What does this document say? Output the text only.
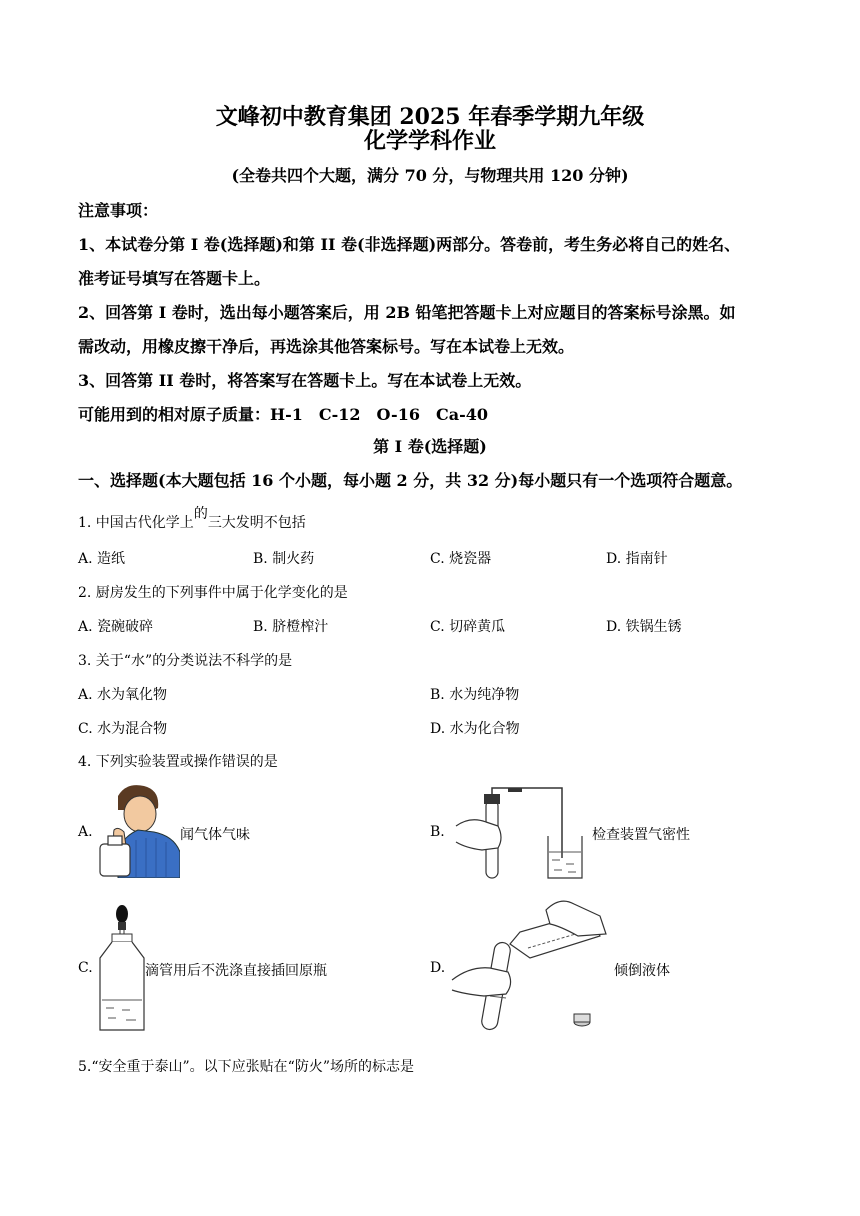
文峰初中教育集团 2025 年春季学期九年级
化学学科作业
(全卷共四个大题，满分 70 分，与物理共用 120 分钟)
注意事项：
1、本试卷分第 I 卷(选择题)和第 II 卷(非选择题)两部分。答卷前，考生务必将自己的姓名、
准考证号填写在答题卡上。
2、回答第 I 卷时，选出每小题答案后，用 2B 铅笔把答题卡上对应题目的答案标号涂黑。如
需改动，用橡皮擦干净后，再选涂其他答案标号。写在本试卷上无效。
3、回答第 II 卷时，将答案写在答题卡上。写在本试卷上无效。
可能用到的相对原子质量：H-1　C-12　O-16　Ca-40
第 I 卷(选择题)
一、选择题(本大题包括 16 个小题，每小题 2 分，共 32 分)每小题只有一个选项符合题意。
1. 中国古代化学上的三大发明不包括
A. 造纸	B. 制火药	C. 烧瓷器	D. 指南针
2. 厨房发生的下列事件中属于化学变化的是
A. 瓷碗破碎	B. 脐橙榨汁	C. 切碎黄瓜	D. 铁锅生锈
3. 关于“水”的分类说法不科学的是
A. 水为氧化物	B. 水为纯净物
C. 水为混合物	D. 水为化合物
4. 下列实验装置或操作错误的是
A.	闻气体气味	B.	检查装置气密性
C.	滴管用后不洗涤直接插回原瓶	D.	倾倒液体
5.“安全重于泰山”。以下应张贴在“防火”场所的标志是
